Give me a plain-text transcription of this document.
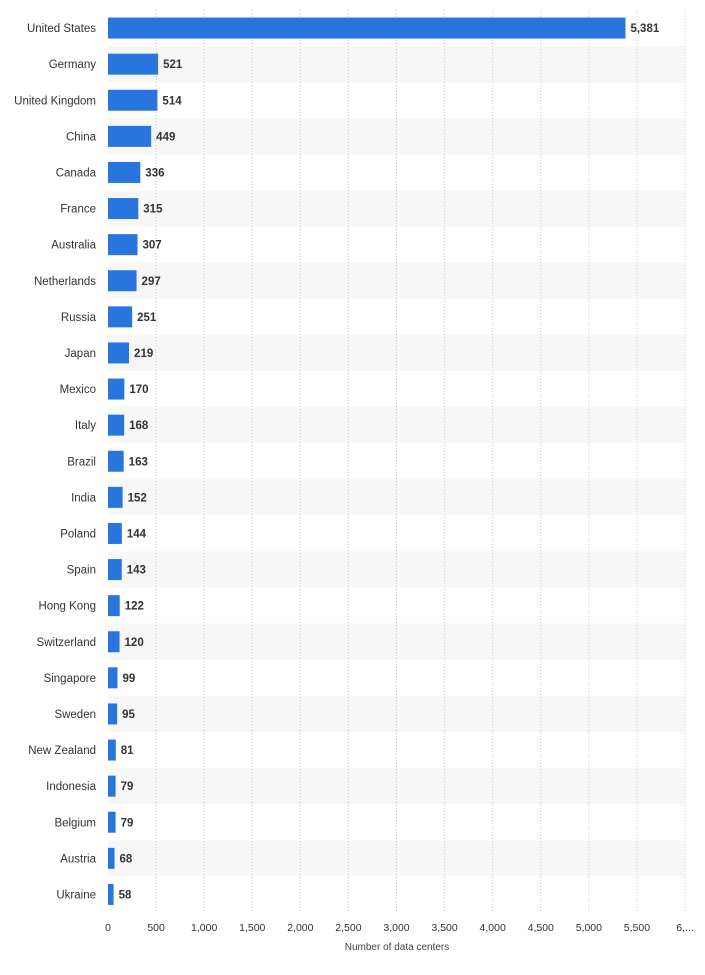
United States
Germany
United Kingdom
China
Canada
France
Australia
Netherlands
Russia
Japan
Mexico
Italy
Brazil
India
Poland
Spain
Hong Kong
Switzerland
Singapore
Sweden
New Zealand
Indonesia
Belgium
Austria
Ukraine
5,381
521
514
449
336
315
307
297
251
219
170
168
163
152
144
143
122
120
99
95
81
79
79
68
58
0	500 1,000 1,500 2,000 2,500 3,000 3,500 4,000 4,500 5,000 5,500 6,...
Number of data centers
